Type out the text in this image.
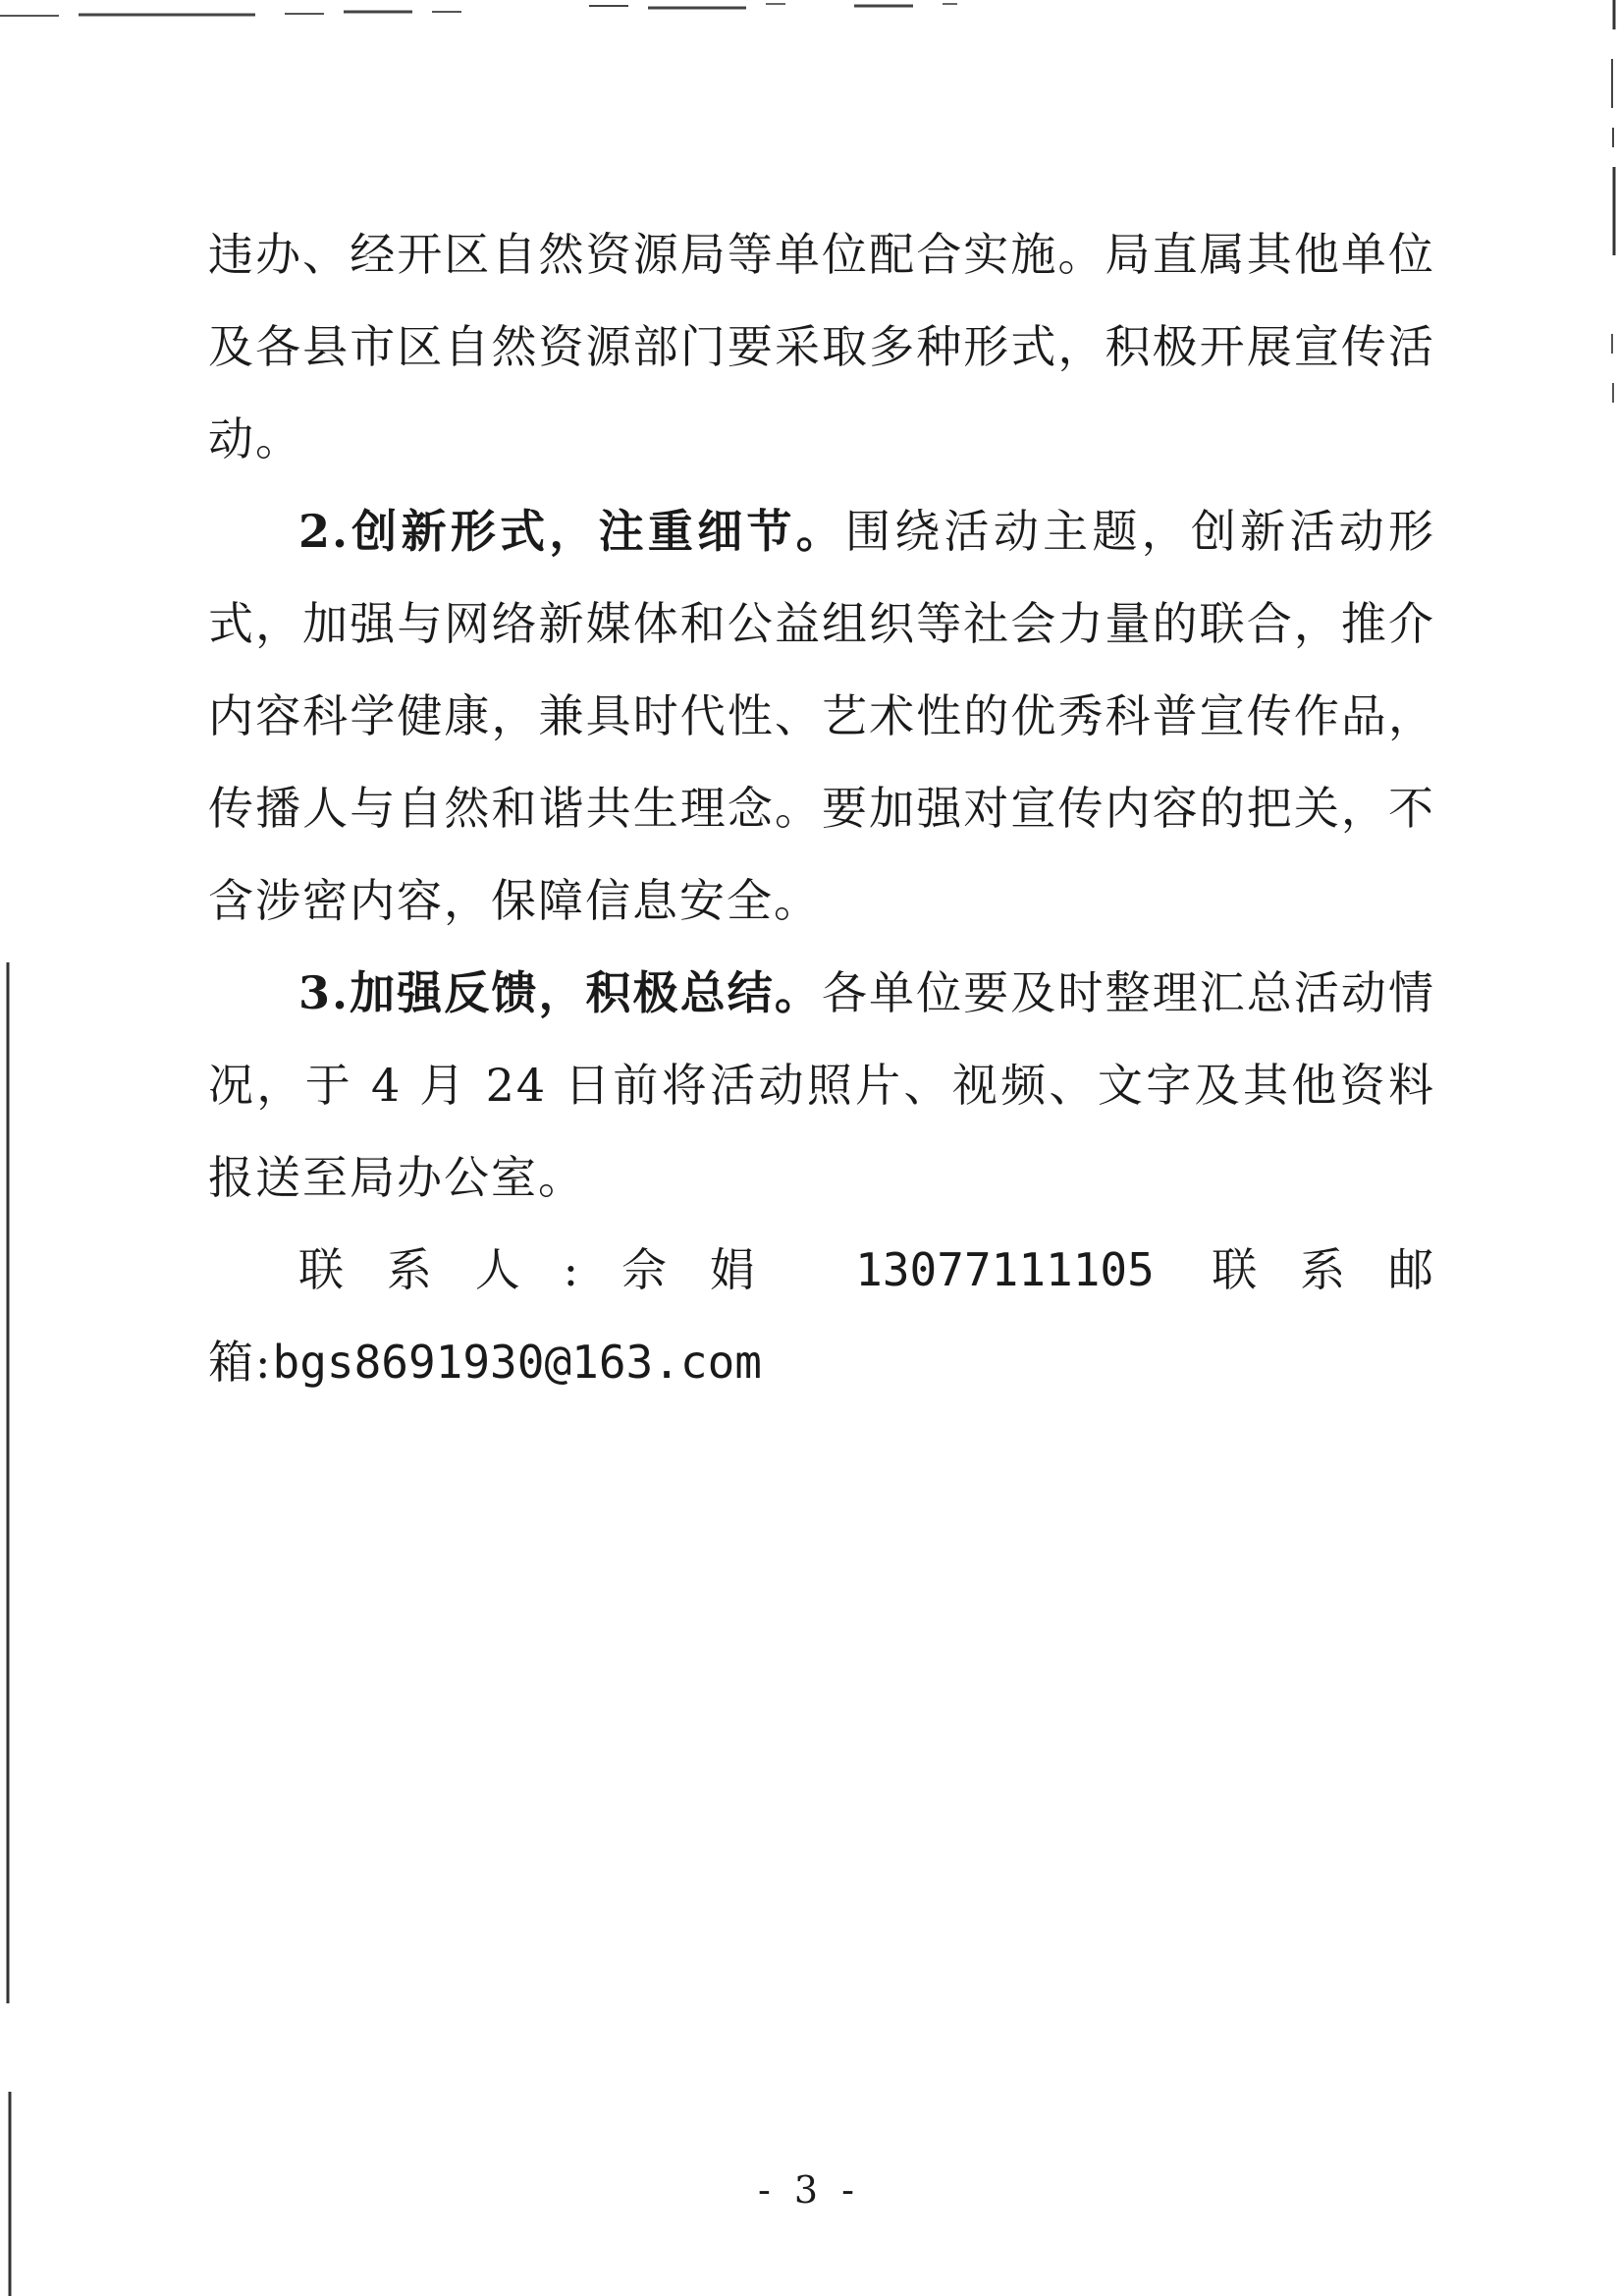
违办、经开区自然资源局等单位配合实施。局直属其他单位及各县市区自然资源部门要采取多种形式，积极开展宣传活动。

2.创新形式，注重细节。围绕活动主题，创新活动形式，加强与网络新媒体和公益组织等社会力量的联合，推介内容科学健康，兼具时代性、艺术性的优秀科普宣传作品，传播人与自然和谐共生理念。要加强对宣传内容的把关，不含涉密内容，保障信息安全。

3.加强反馈，积极总结。各单位要及时整理汇总活动情况，于 4 月 24 日前将活动照片、视频、文字及其他资料报送至局办公室。

联系人:佘娟 13077111105 联系邮箱:bgs8691930@163.com

- 3 -
